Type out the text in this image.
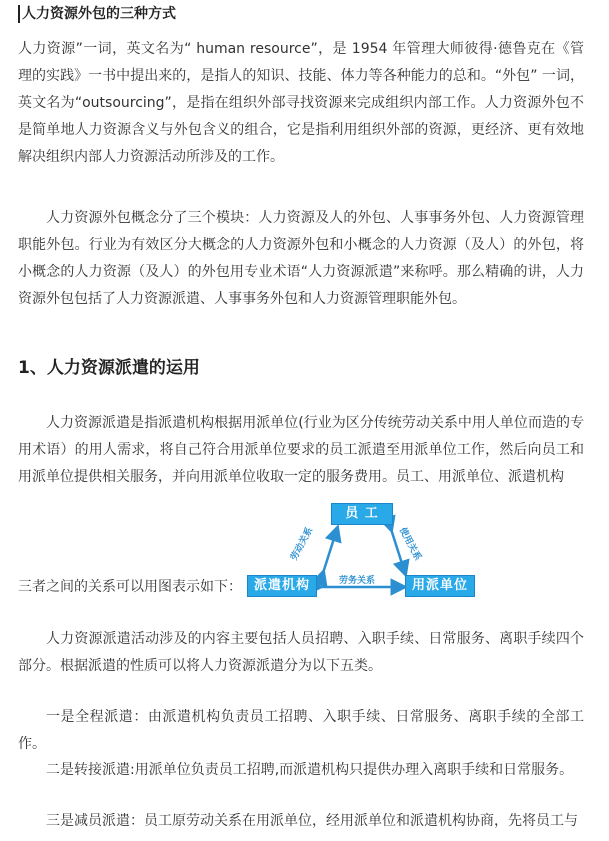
人力资源外包的三种方式

人力资源”一词，英文名为“ human resource”，是 1954 年管理大师彼得·德鲁克在《管理的实践》一书中提出来的，是指人的知识、技能、体力等各种能力的总和。“外包” 一词，英文名为“outsourcing”，是指在组织外部寻找资源来完成组织内部工作。人力资源外包不是简单地人力资源含义与外包含义的组合，它是指利用组织外部的资源，更经济、更有效地解决组织内部人力资源活动所涉及的工作。

人力资源外包概念分了三个模块：人力资源及人的外包、人事事务外包、人力资源管理职能外包。行业为有效区分大概念的人力资源外包和小概念的人力资源（及人）的外包，将小概念的人力资源（及人）的外包用专业术语“人力资源派遣”来称呼。那么精确的讲，人力资源外包包括了人力资源派遣、人事事务外包和人力资源管理职能外包。

1、人力资源派遣的运用

人力资源派遣是指派遣机构根据用派单位(行业为区分传统劳动关系中用人单位而造的专用术语）的用人需求，将自己符合用派单位要求的员工派遣至用派单位工作，然后向员工和用派单位提供相关服务，并向用派单位收取一定的服务费用。员工、用派单位、派遣机构

三者之间的关系可以用图表示如下：
员 工
派遣机构	用派单位
劳动关系	使用关系
劳务关系

人力资源派遣活动涉及的内容主要包括人员招聘、入职手续、日常服务、离职手续四个部分。根据派遣的性质可以将人力资源派遣分为以下五类。

一是全程派遣：由派遣机构负责员工招聘、入职手续、日常服务、离职手续的全部工作。

二是转接派遣:用派单位负责员工招聘,而派遣机构只提供办理入离职手续和日常服务。

三是减员派遣：员工原劳动关系在用派单位，经用派单位和派遣机构协商，先将员工与
